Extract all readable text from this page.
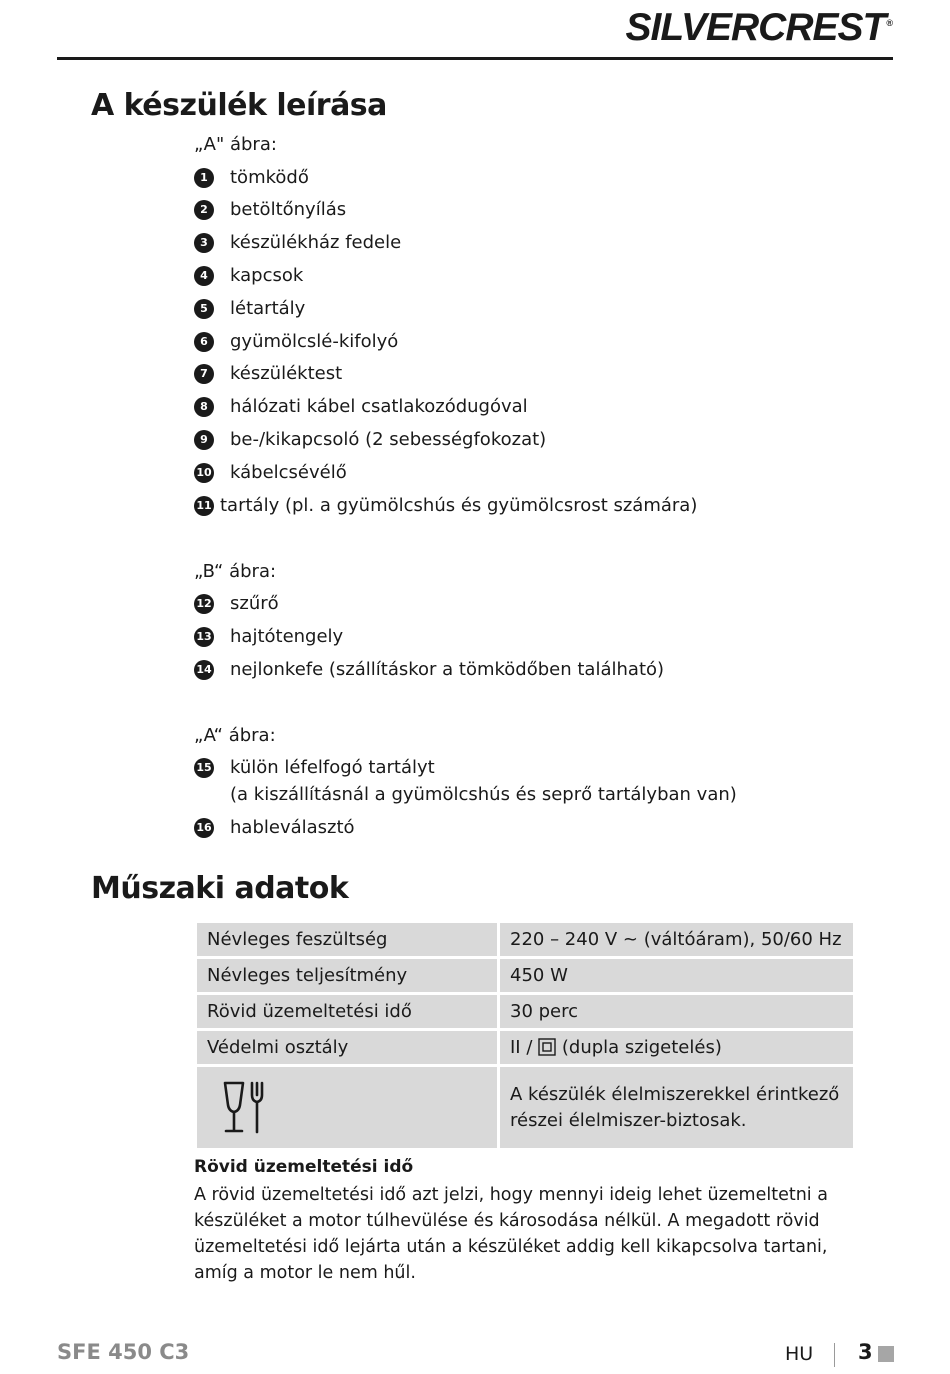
SILVERCREST®
A készülék leírása
„A" ábra:
1	tömködő
2	betöltőnyílás
3	készülékház fedele
4	kapcsok
5	létartály
6	gyümölcslé-kifolyó
7	készüléktest
8	hálózati kábel csatlakozódugóval
9	be-/kikapcsoló (2 sebességfokozat)
10 kábelcsévélő
11 tartály (pl. a gyümölcshús és gyümölcsrost számára)
„B“ ábra:
12 szűrő
13 hajtótengely
14 nejlonkefe (szállításkor a tömködőben található)
„A“ ábra:
15 külön léfelfogó tartályt
(a kiszállításnál a gyümölcshús és seprő tartályban van)
16 hableválasztó
Műszaki adatok
Névleges feszültség	220 – 240 V ~ (váltóáram), 50/60 Hz
Névleges teljesítmény	450 W
Rövid üzemeltetési idő	30 perc
Védelmi osztály	II / (dupla szigetelés)

	A készülék élelmiszerekkel érintkező részei élelmiszer-biztosak.
Rövid üzemeltetési idő
A rövid üzemeltetési idő azt jelzi, hogy mennyi ideig lehet üzemeltetni a készüléket a motor túlhevülése és károsodása nélkül. A megadott rövid üzemeltetési idő lejárta után a készüléket addig kell kikapcsolva tartani, amíg a motor le nem hűl.
SFE 450 C3	HU 3
